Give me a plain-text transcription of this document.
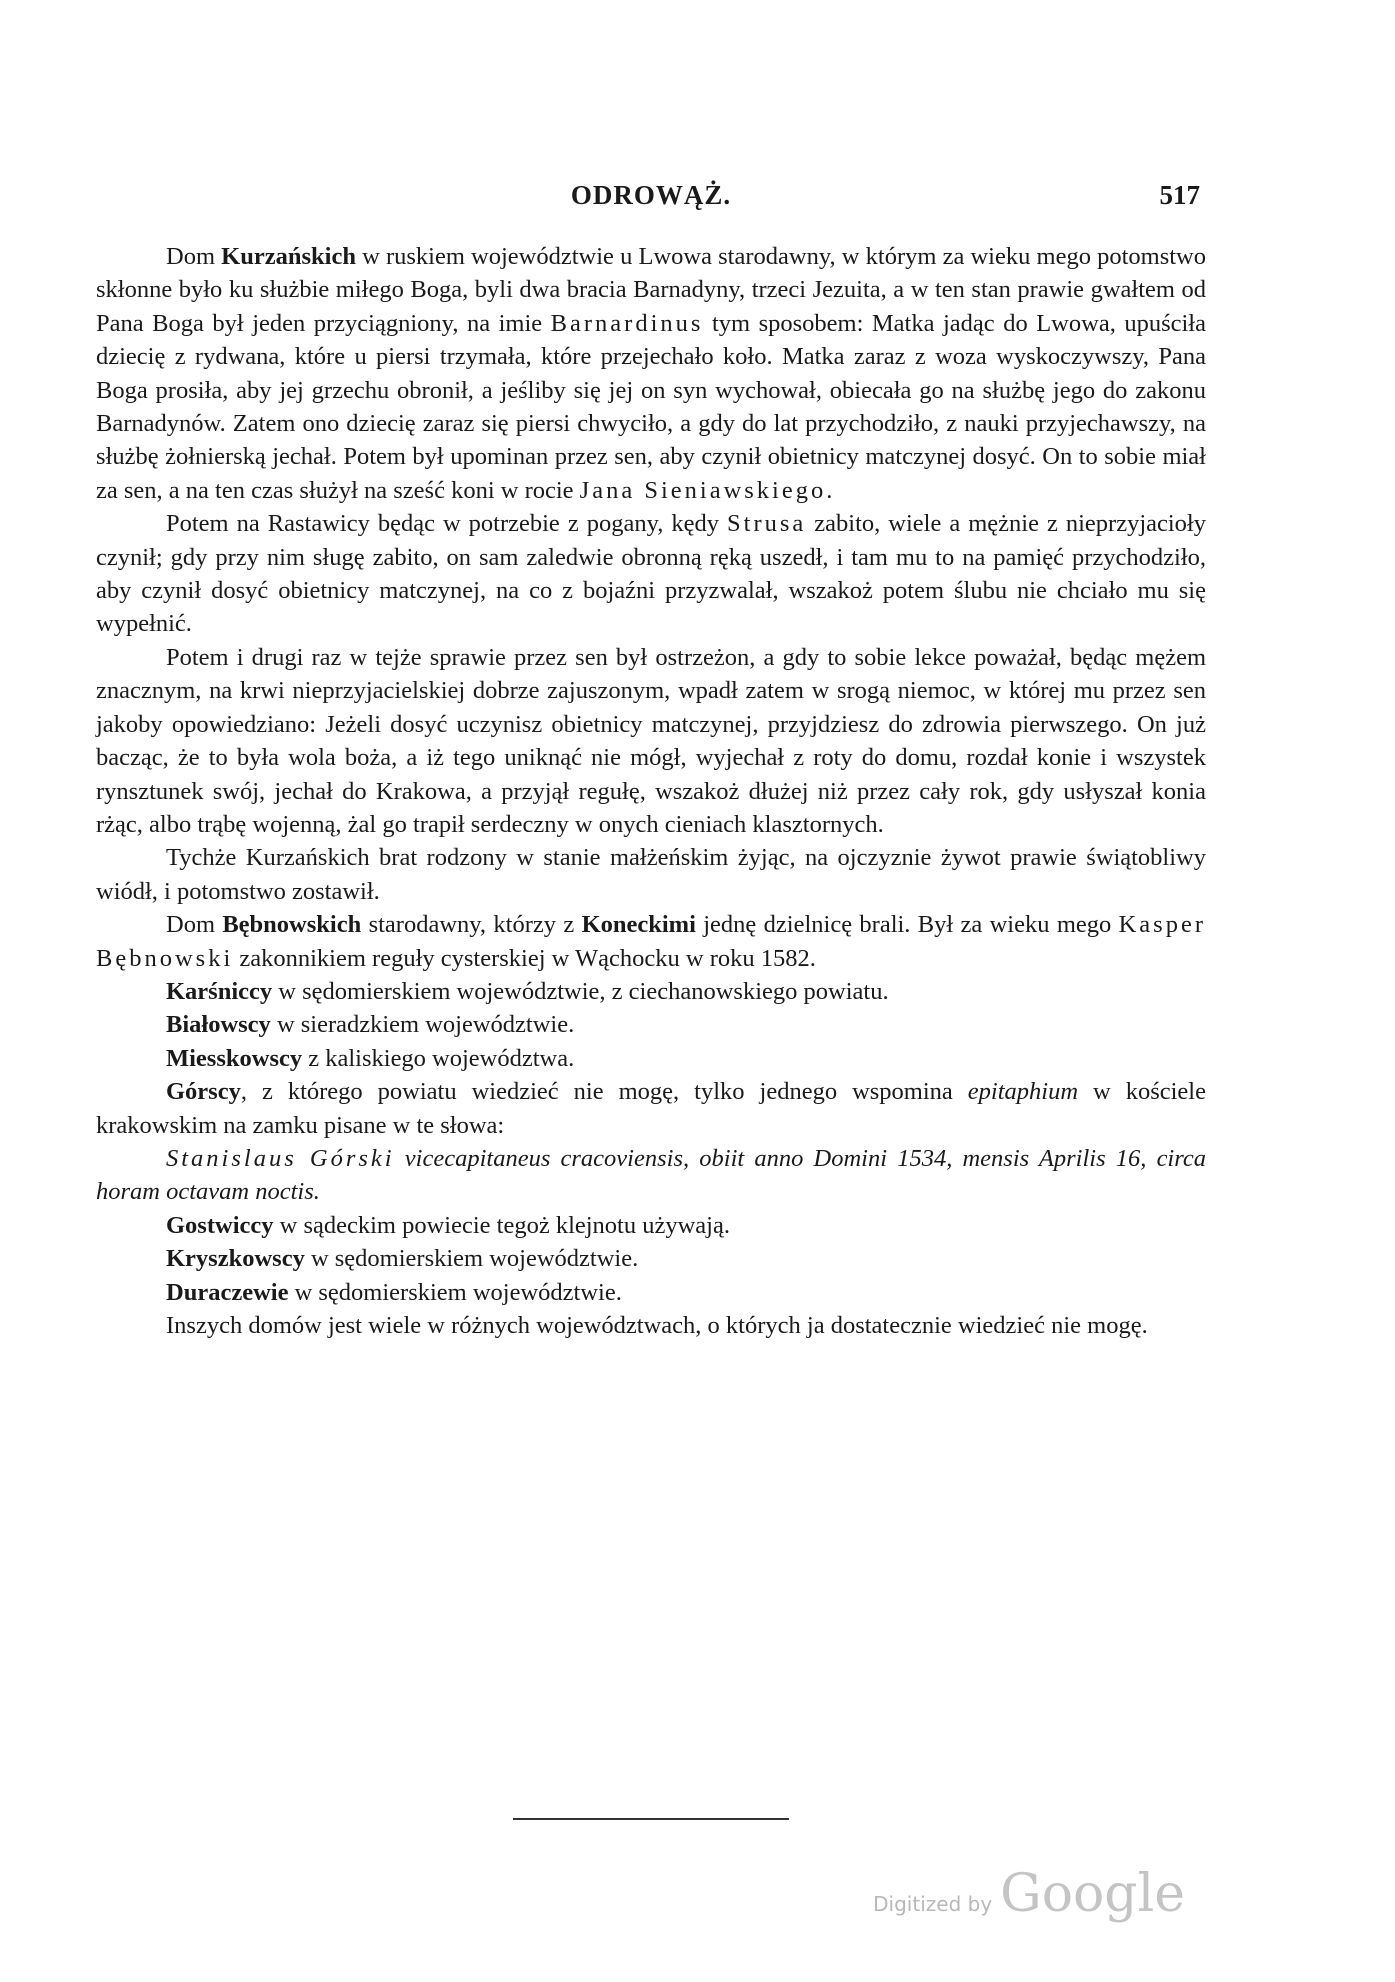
ODROWĄŻ.	517

Dom Kurzańskich w ruskiem województwie u Lwowa starodawny, w którym za wieku mego potomstwo skłonne było ku służbie miłego Boga, byli dwa bracia Barnadyny, trzeci Jezuita, a w ten stan prawie gwałtem od Pana Boga był jeden przyciągniony, na imie Barnardinus tym sposobem: Matka jadąc do Lwowa, upuściła dziecię z rydwana, które u piersi trzymała, które przejechało koło. Matka zaraz z woza wyskoczywszy, Pana Boga prosiła, aby jej grzechu obronił, a jeśliby się jej on syn wychował, obiecała go na służbę jego do zakonu Barnadynów. Zatem ono dziecię zaraz się piersi chwyciło, a gdy do lat przychodziło, z nauki przyjechawszy, na służbę żołnierską jechał. Potem był upominan przez sen, aby czynił obietnicy matczynej dosyć. On to sobie miał za sen, a na ten czas służył na sześć koni w rocie Jana Sieniawskiego.

Potem na Rastawicy będąc w potrzebie z pogany, kędy Strusa zabito, wiele a mężnie z nieprzyjacioły czynił; gdy przy nim sługę zabito, on sam zaledwie obronną ręką uszedł, i tam mu to na pamięć przychodziło, aby czynił dosyć obietnicy matczynej, na co z bojaźni przyzwalał, wszakoż potem ślubu nie chciało mu się wypełnić.

Potem i drugi raz w tejże sprawie przez sen był ostrzeżon, a gdy to sobie lekce poważał, będąc mężem znacznym, na krwi nieprzyjacielskiej dobrze zajuszonym, wpadł zatem w srogą niemoc, w której mu przez sen jakoby opowiedziano: Jeżeli dosyć uczynisz obietnicy matczynej, przyjdziesz do zdrowia pierwszego. On już bacząc, że to była wola boża, a iż tego uniknąć nie mógł, wyjechał z roty do domu, rozdał konie i wszystek rynsztunek swój, jechał do Krakowa, a przyjął regułę, wszakoż dłużej niż przez cały rok, gdy usłyszał konia rżąc, albo trąbę wojenną, żal go trapił serdeczny w onych cieniach klasztornych.

Tychże Kurzańskich brat rodzony w stanie małżeńskim żyjąc, na ojczyznie żywot prawie świątobliwy wiódł, i potomstwo zostawił.

Dom Bębnowskich starodawny, którzy z Koneckimi jednę dzielnicę brali. Był za wieku mego Kasper Bębnowski zakonnikiem reguły cysterskiej w Wąchocku w roku 1582.

Karśniccy w sędomierskiem województwie, z ciechanowskiego powiatu.

Białowscy w sieradzkiem województwie.

Miesskowscy z kaliskiego województwa.

Górscy, z którego powiatu wiedzieć nie mogę, tylko jednego wspomina epitaphium w kościele krakowskim na zamku pisane w te słowa:

Stanislaus Górski vicecapitaneus cracoviensis, obiit anno Domini 1534, mensis Aprilis 16, circa horam octavam noctis.

Gostwiccy w sądeckim powiecie tegoż klejnotu używają.

Kryszkowscy w sędomierskiem województwie.

Duraczewie w sędomierskiem województwie.

Inszych domów jest wiele w różnych województwach, o których ja dostatecznie wiedzieć nie mogę.

Digitized by Google
